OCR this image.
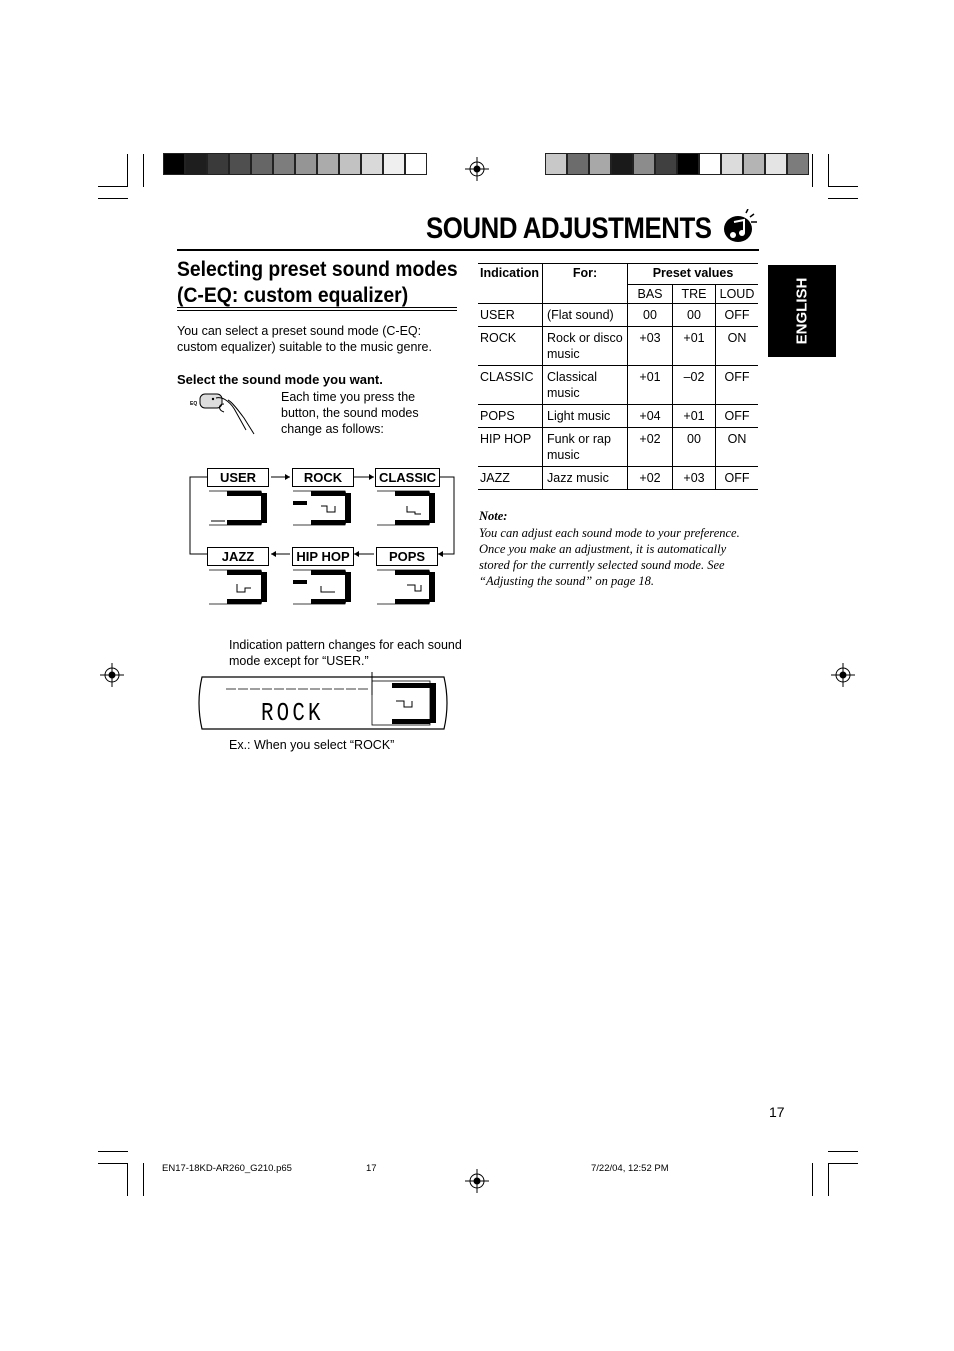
SOUND ADJUSTMENTS
Selecting preset sound modes
(C-EQ: custom equalizer)
You can select a preset sound mode (C-EQ: custom equalizer) suitable to the music genre.
Select the sound mode you want.
EQ	Each time you press the button, the sound modes change as follows:
USER	ROCK	CLASSIC
JAZZ	HIP HOP	POPS
Indication pattern changes for each sound mode except for “USER.”
ROCK
Ex.: When you select “ROCK”
Indication	For:	Preset values		
		BAS	TRE	LOUD
USER	(Flat sound)	00	00	OFF
ROCK	Rock or disco music	+03	+01	ON
CLASSIC	Classical music	+01	–02	OFF
POPS	Light music	+04	+01	OFF
HIP HOP	Funk or rap music	+02	00	ON
JAZZ	Jazz music	+02	+03	OFF
ENGLISH
Note:
You can adjust each sound mode to your preference. Once you make an adjustment, it is automatically stored for the currently selected sound mode. See “Adjusting the sound” on page 18.
17
EN17-18KD-AR260_G210.p65	17	7/22/04, 12:52 PM
